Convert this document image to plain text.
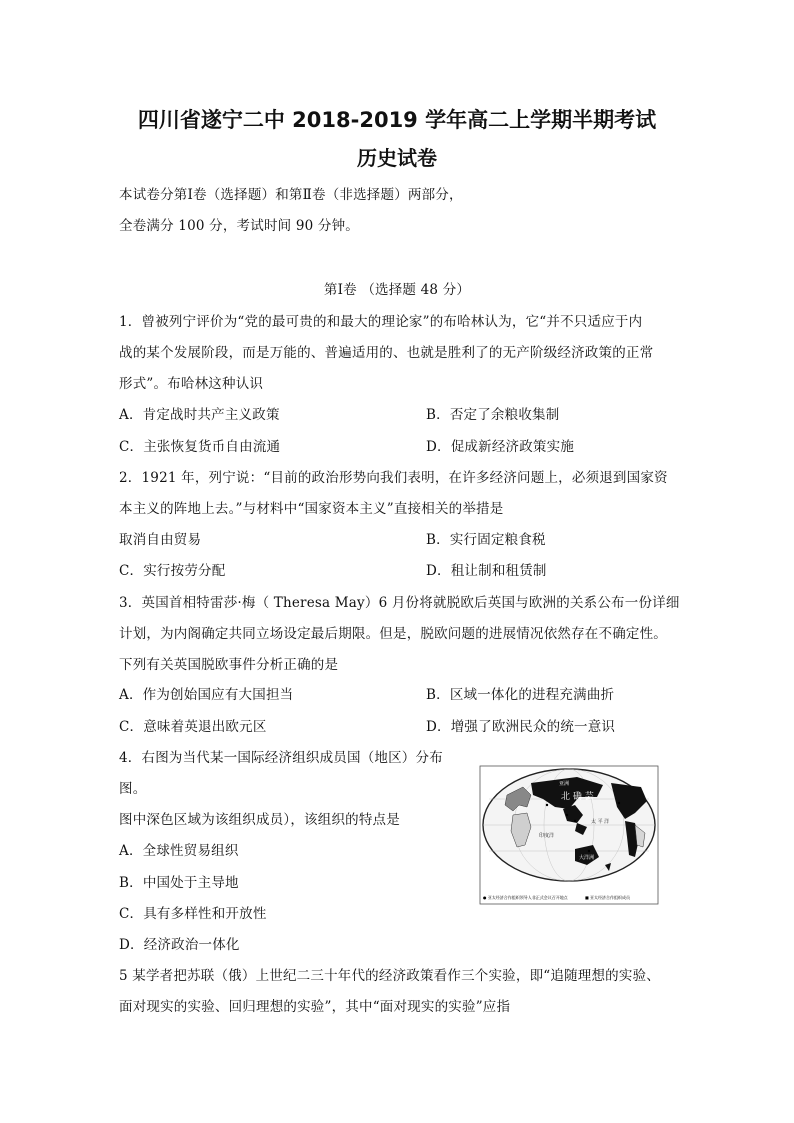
四川省遂宁二中 2018-2019 学年高二上学期半期考试
历史试卷
本试卷分第Ⅰ卷（选择题）和第Ⅱ卷（非选择题）两部分，
全卷满分 100 分，考试时间 90 分钟。
第Ⅰ卷 （选择题 48 分）
1．曾被列宁评价为“党的最可贵的和最大的理论家”的布哈林认为，它“并不只适应于内
战的某个发展阶段，而是万能的、普遍适用的、也就是胜利了的无产阶级经济政策的正常
形式”。布哈林这种认识
A．肯定战时共产主义政策	B．否定了余粮收集制
C．主张恢复货币自由流通	D．促成新经济政策实施
2．1921 年，列宁说：“目前的政治形势向我们表明，在许多经济问题上，必须退到国家资
本主义的阵地上去。”与材料中“国家资本主义”直接相关的举措是
取消自由贸易	B．实行固定粮食税
C．实行按劳分配	D．租让制和租赁制
3．英国首相特雷莎·梅（ Theresa May）6 月份将就脱欧后英国与欧洲的关系公布一份详细
计划，为内阁确定共同立场设定最后期限。但是，脱欧问题的进展情况依然存在不确定性。
下列有关英国脱欧事件分析正确的是
A．作为创始国应有大国担当	B．区域一体化的进程充满曲折
C．意味着英退出欧元区	D．增强了欧洲民众的统一意识
4．右图为当代某一国际经济组织成员国（地区）分布
图。
图中深色区域为该组织成员），该组织的特点是
A．全球性贸易组织
B．中国处于主导地
C．具有多样性和开放性
D．经济政治一体化
亚洲
北 确 芸
太 平 洋
印度洋
大洋洲
● 亚太经济合作组织领导人非正式会议召开地点	■ 亚太经济合作组织成员
5 某学者把苏联（俄）上世纪二三十年代的经济政策看作三个实验，即“追随理想的实验、
面对现实的实验、回归理想的实验”，其中“面对现实的实验”应指
